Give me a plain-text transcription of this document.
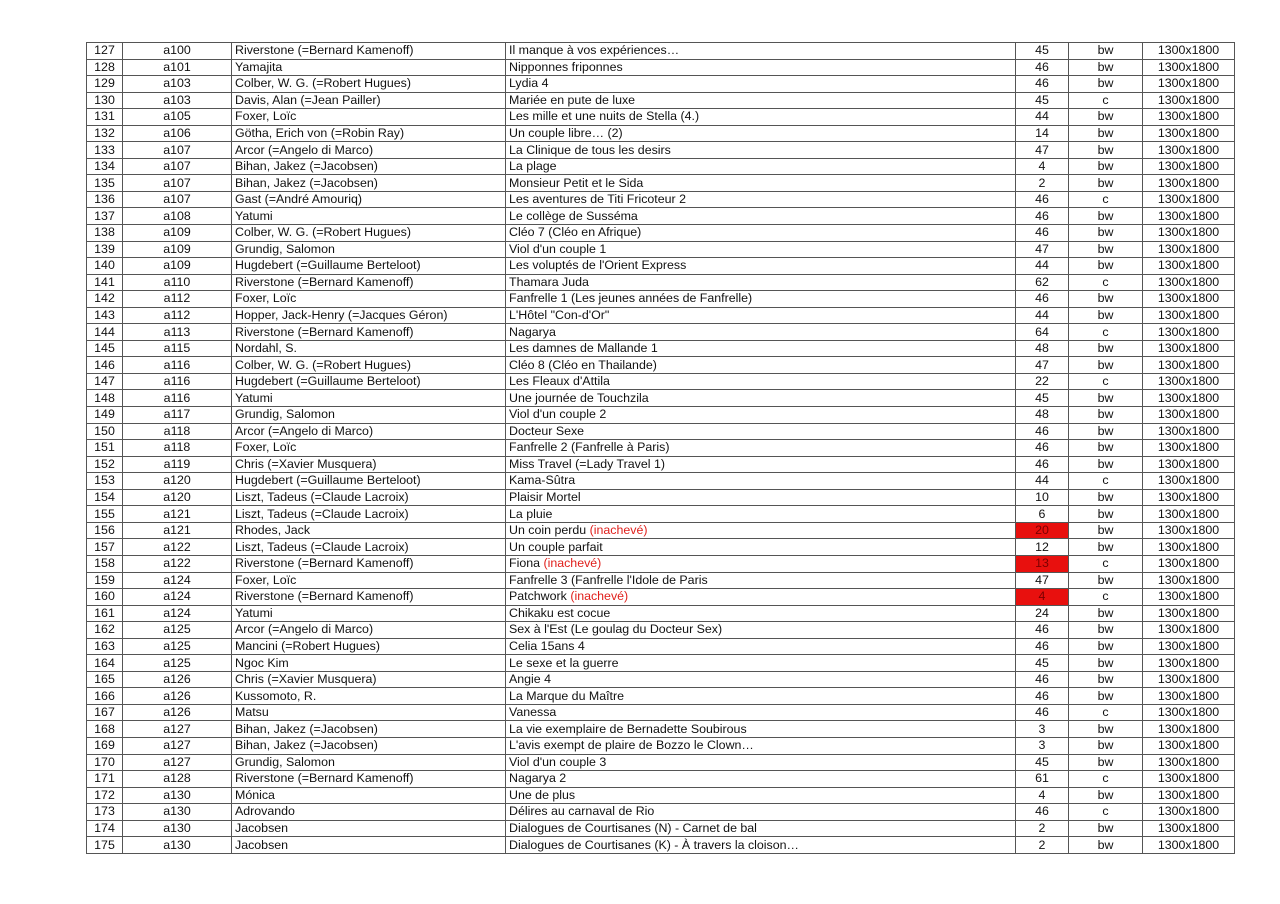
127	a100	Riverstone (=Bernard Kamenoff)	Il manque à vos expériences…	45	bw	1300x1800
128	a101	Yamajita	Nipponnes friponnes	46	bw	1300x1800
129	a103	Colber, W. G. (=Robert Hugues)	Lydia 4	46	bw	1300x1800
130	a103	Davis, Alan (=Jean Pailler)	Mariée en pute de luxe	45	c	1300x1800
131	a105	Foxer, Loïc	Les mille et une nuits de Stella (4.)	44	bw	1300x1800
132	a106	Götha, Erich von (=Robin Ray)	Un couple libre… (2)	14	bw	1300x1800
133	a107	Arcor (=Angelo di Marco)	La Clinique de tous les desirs	47	bw	1300x1800
134	a107	Bihan, Jakez (=Jacobsen)	La plage	4	bw	1300x1800
135	a107	Bihan, Jakez (=Jacobsen)	Monsieur Petit et le Sida	2	bw	1300x1800
136	a107	Gast (=André Amouriq)	Les aventures de Titi Fricoteur 2	46	c	1300x1800
137	a108	Yatumi	Le collège de Susséma	46	bw	1300x1800
138	a109	Colber, W. G. (=Robert Hugues)	Cléo 7 (Cléo en Afrique)	46	bw	1300x1800
139	a109	Grundig, Salomon	Viol d'un couple 1	47	bw	1300x1800
140	a109	Hugdebert (=Guillaume Berteloot)	Les voluptés de l'Orient Express	44	bw	1300x1800
141	a110	Riverstone (=Bernard Kamenoff)	Thamara Juda	62	c	1300x1800
142	a112	Foxer, Loïc	Fanfrelle 1 (Les jeunes années de Fanfrelle)	46	bw	1300x1800
143	a112	Hopper, Jack-Henry (=Jacques Géron)	L'Hôtel "Con-d'Or"	44	bw	1300x1800
144	a113	Riverstone (=Bernard Kamenoff)	Nagarya	64	c	1300x1800
145	a115	Nordahl, S.	Les damnes de Mallande 1	48	bw	1300x1800
146	a116	Colber, W. G. (=Robert Hugues)	Cléo 8 (Cléo en Thailande)	47	bw	1300x1800
147	a116	Hugdebert (=Guillaume Berteloot)	Les Fleaux d'Attila	22	c	1300x1800
148	a116	Yatumi	Une journée de Touchzila	45	bw	1300x1800
149	a117	Grundig, Salomon	Viol d'un couple 2	48	bw	1300x1800
150	a118	Arcor (=Angelo di Marco)	Docteur Sexe	46	bw	1300x1800
151	a118	Foxer, Loïc	Fanfrelle 2 (Fanfrelle à Paris)	46	bw	1300x1800
152	a119	Chris (=Xavier Musquera)	Miss Travel (=Lady Travel 1)	46	bw	1300x1800
153	a120	Hugdebert (=Guillaume Berteloot)	Kama-Sûtra	44	c	1300x1800
154	a120	Liszt, Tadeus (=Claude Lacroix)	Plaisir Mortel	10	bw	1300x1800
155	a121	Liszt, Tadeus (=Claude Lacroix)	La pluie	6	bw	1300x1800
156	a121	Rhodes, Jack	Un coin perdu (inachevé)	20	bw	1300x1800
157	a122	Liszt, Tadeus (=Claude Lacroix)	Un couple parfait	12	bw	1300x1800
158	a122	Riverstone (=Bernard Kamenoff)	Fiona (inachevé)	13	c	1300x1800
159	a124	Foxer, Loïc	Fanfrelle 3 (Fanfrelle l'Idole de Paris	47	bw	1300x1800
160	a124	Riverstone (=Bernard Kamenoff)	Patchwork (inachevé)	4	c	1300x1800
161	a124	Yatumi	Chikaku est cocue	24	bw	1300x1800
162	a125	Arcor (=Angelo di Marco)	Sex à l'Est (Le goulag du Docteur Sex)	46	bw	1300x1800
163	a125	Mancini (=Robert Hugues)	Celia 15ans 4	46	bw	1300x1800
164	a125	Ngoc Kim	Le sexe et la guerre	45	bw	1300x1800
165	a126	Chris (=Xavier Musquera)	Angie 4	46	bw	1300x1800
166	a126	Kussomoto, R.	La Marque du Maître	46	bw	1300x1800
167	a126	Matsu	Vanessa	46	c	1300x1800
168	a127	Bihan, Jakez (=Jacobsen)	La vie exemplaire de Bernadette Soubirous	3	bw	1300x1800
169	a127	Bihan, Jakez (=Jacobsen)	L'avis exempt de plaire de Bozzo le Clown…	3	bw	1300x1800
170	a127	Grundig, Salomon	Viol d'un couple 3	45	bw	1300x1800
171	a128	Riverstone (=Bernard Kamenoff)	Nagarya 2	61	c	1300x1800
172	a130	Mónica	Une de plus	4	bw	1300x1800
173	a130	Adrovando	Délires au carnaval de Rio	46	c	1300x1800
174	a130	Jacobsen	Dialogues de Courtisanes (N) - Carnet de bal	2	bw	1300x1800
175	a130	Jacobsen	Dialogues de Courtisanes (K) - À travers la cloison…	2	bw	1300x1800
